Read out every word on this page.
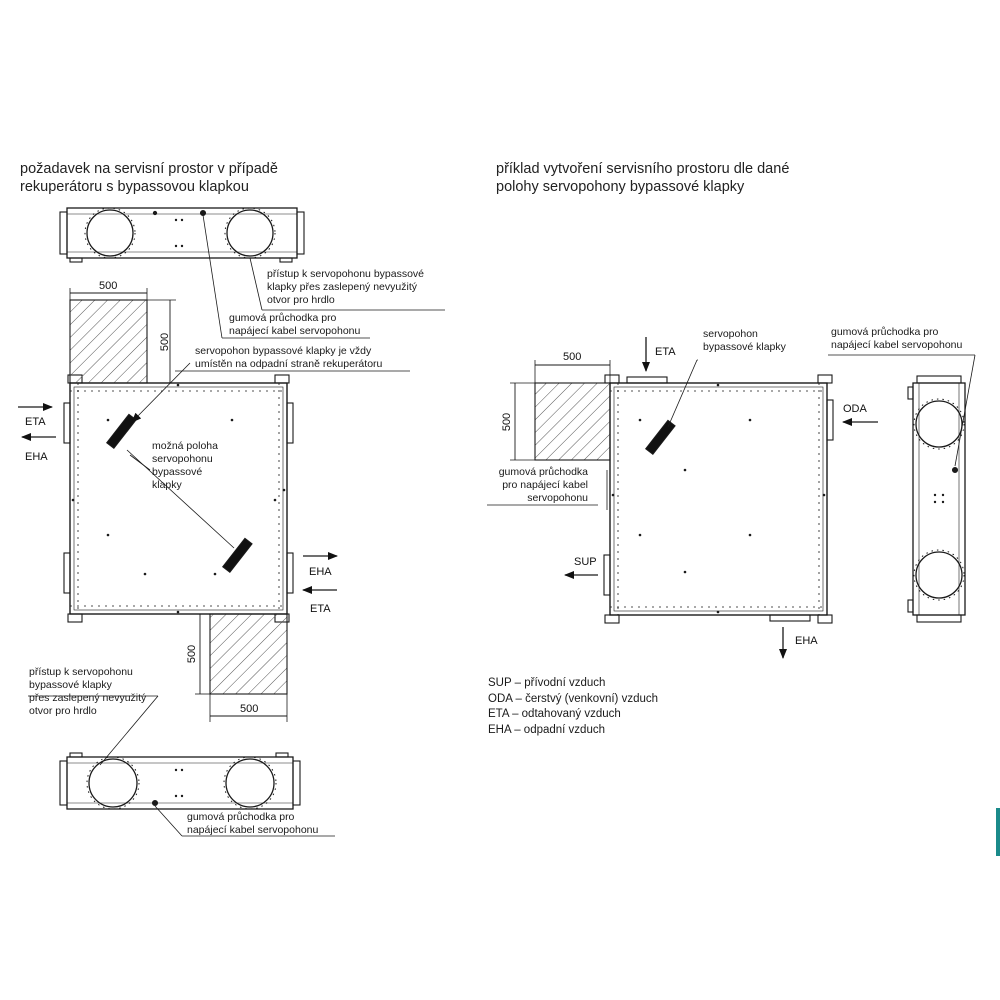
požadavek na servisní prostor v případě
rekuperátoru s bypassovou klapkou
příklad vytvoření servisního prostoru dle dané
polohy servopohony bypassové klapky
500
500
500
500
přístup k servopohonu bypassové
klapky přes zaslepený nevyužitý
otvor pro hrdlo
gumová průchodka pro
napájecí kabel servopohonu
servopohon bypassové klapky je vždy
umístěn na odpadní straně rekuperátoru
možná poloha
servopohonu
bypassové
klapky
přístup k servopohonu
bypassové klapky
přes zaslepený nevyužitý
otvor pro hrdlo
gumová průchodka pro
napájecí kabel servopohonu
ETA
EHA
EHA
ETA
500
500
servopohon
bypassové klapky
gumová průchodka pro
napájecí kabel servopohonu
gumová průchodka
pro napájecí kabel
servopohonu
ETA
ODA
SUP
EHA
SUP – přívodní vzduch
ODA – čerstvý (venkovní) vzduch
ETA – odtahovaný vzduch
EHA – odpadní vzduch
